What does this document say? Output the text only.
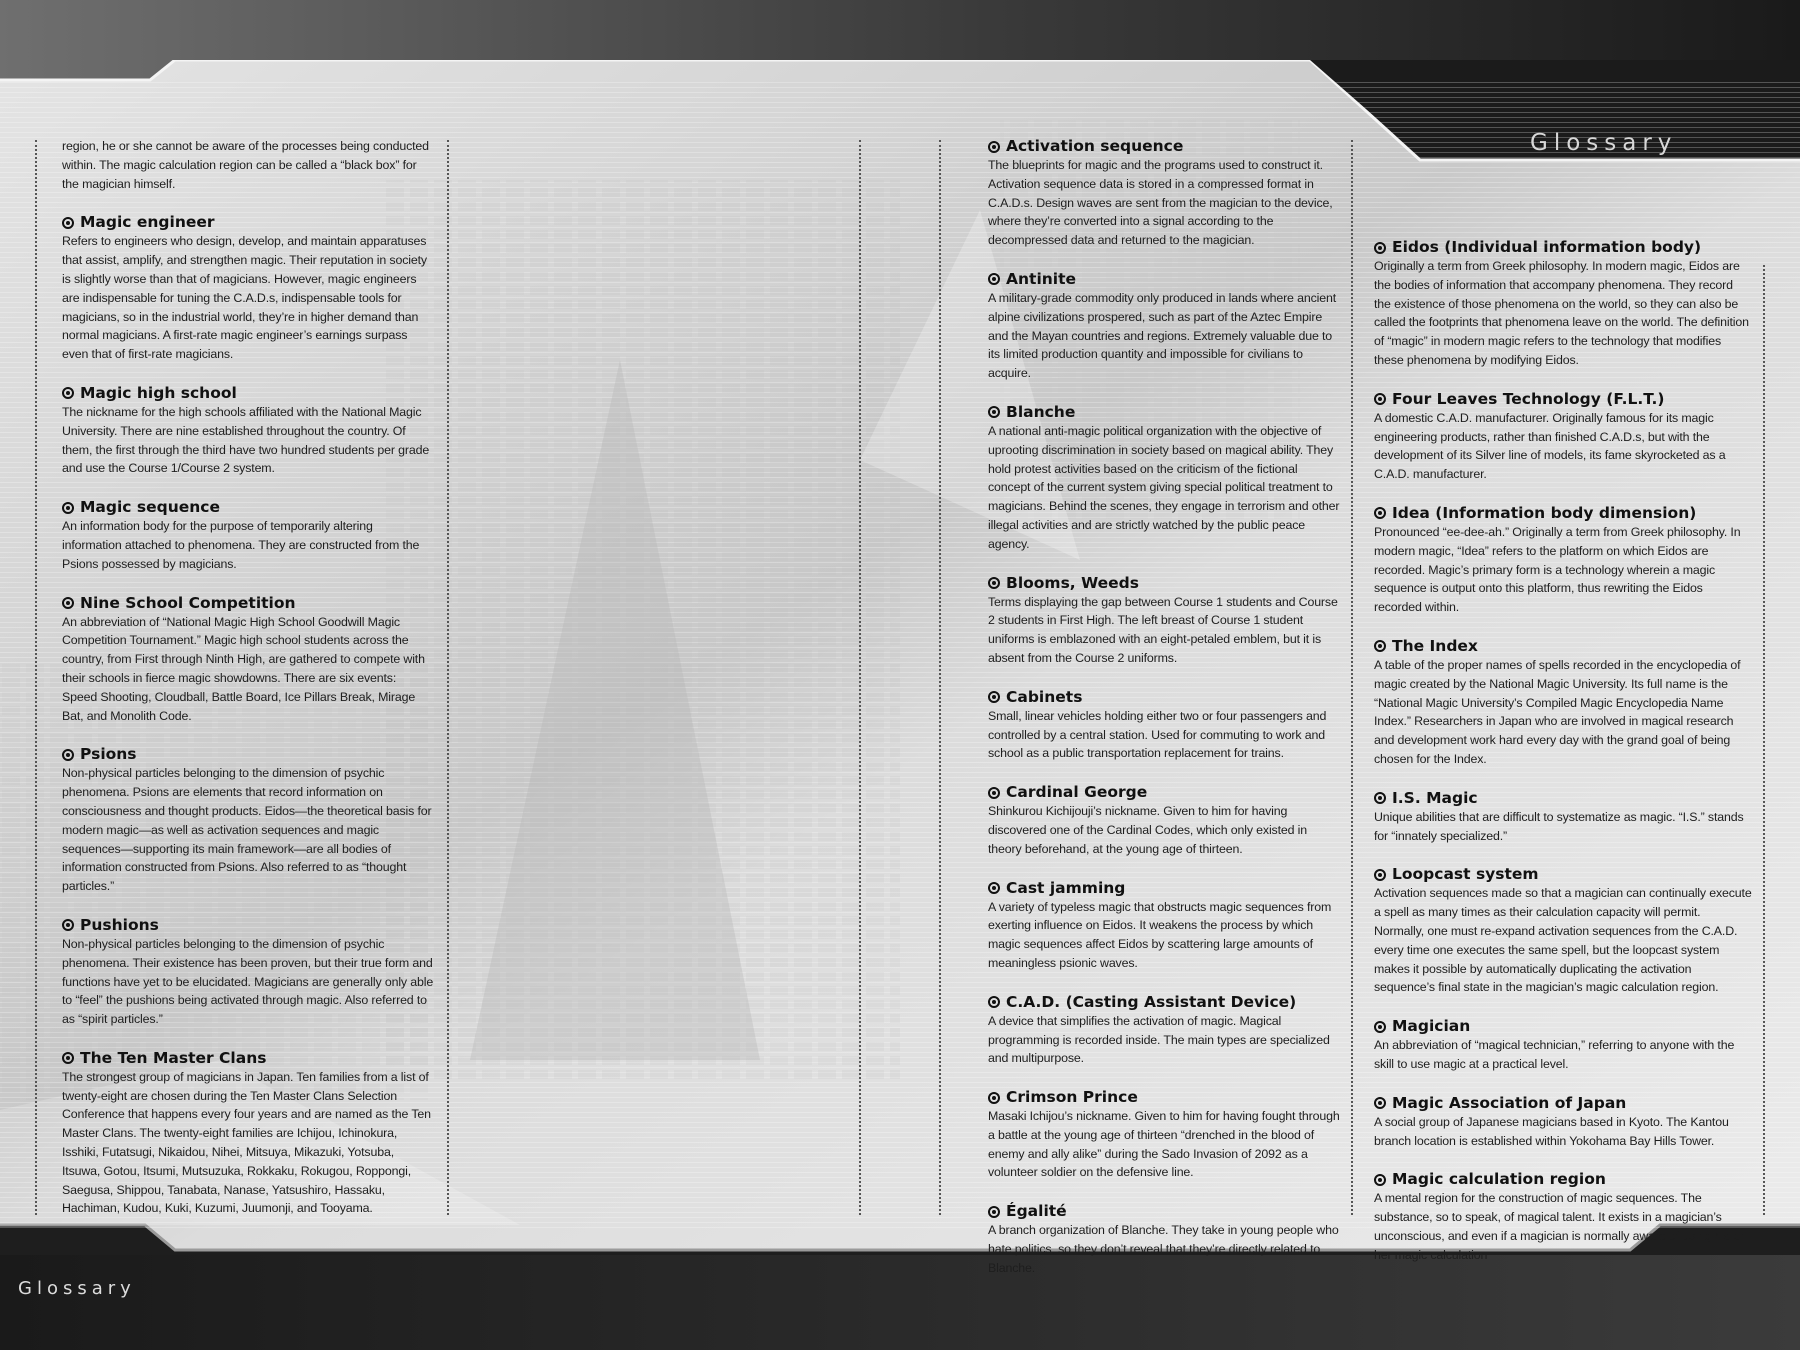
Glossary
Glossary
region, he or she cannot be aware of the processes being conducted within. The magic calculation region can be called a “black box” for the magician himself.
Magic engineer
Refers to engineers who design, develop, and maintain apparatuses that assist, amplify, and strengthen magic. Their reputation in society is slightly worse than that of magicians. However, magic engineers are indispensable for tuning the C.A.D.s, indispensable tools for magicians, so in the industrial world, they’re in higher demand than normal magicians. A first-rate magic engineer’s earnings surpass even that of first-rate magicians.
Magic high school
The nickname for the high schools affiliated with the National Magic University. There are nine established throughout the country. Of them, the first through the third have two hundred students per grade and use the Course 1/Course 2 system.
Magic sequence
An information body for the purpose of temporarily altering information attached to phenomena. They are constructed from the Psions possessed by magicians.
Nine School Competition
An abbreviation of “National Magic High School Goodwill Magic Competition Tournament.” Magic high school students across the country, from First through Ninth High, are gathered to compete with their schools in fierce magic showdowns. There are six events: Speed Shooting, Cloudball, Battle Board, Ice Pillars Break, Mirage Bat, and Monolith Code.
Psions
Non-physical particles belonging to the dimension of psychic phenomena. Psions are elements that record information on consciousness and thought products. Eidos—the theoretical basis for modern magic—as well as activation sequences and magic sequences—supporting its main framework—are all bodies of information constructed from Psions. Also referred to as “thought particles.”
Pushions
Non-physical particles belonging to the dimension of psychic phenomena. Their existence has been proven, but their true form and functions have yet to be elucidated. Magicians are generally only able to “feel” the pushions being activated through magic. Also referred to as “spirit particles.”
The Ten Master Clans
The strongest group of magicians in Japan. Ten families from a list of twenty-eight are chosen during the Ten Master Clans Selection Conference that happens every four years and are named as the Ten Master Clans. The twenty-eight families are Ichijou, Ichinokura, Isshiki, Futatsugi, Nikaidou, Nihei, Mitsuya, Mikazuki, Yotsuba, Itsuwa, Gotou, Itsumi, Mutsuzuka, Rokkaku, Rokugou, Roppongi, Saegusa, Shippou, Tanabata, Nanase, Yatsushiro, Hassaku, Hachiman, Kudou, Kuki, Kuzumi, Juumonji, and Tooyama.
Activation sequence
The blueprints for magic and the programs used to construct it. Activation sequence data is stored in a compressed format in C.A.D.s. Design waves are sent from the magician to the device, where they’re converted into a signal according to the decompressed data and returned to the magician.
Antinite
A military-grade commodity only produced in lands where ancient alpine civilizations prospered, such as part of the Aztec Empire and the Mayan countries and regions. Extremely valuable due to its limited production quantity and impossible for civilians to acquire.
Blanche
A national anti-magic political organization with the objective of uprooting discrimination in society based on magical ability. They hold protest activities based on the criticism of the fictional concept of the current system giving special political treatment to magicians. Behind the scenes, they engage in terrorism and other illegal activities and are strictly watched by the public peace agency.
Blooms, Weeds
Terms displaying the gap between Course 1 students and Course 2 students in First High. The left breast of Course 1 student uniforms is emblazoned with an eight-petaled emblem, but it is absent from the Course 2 uniforms.
Cabinets
Small, linear vehicles holding either two or four passengers and controlled by a central station. Used for commuting to work and school as a public transportation replacement for trains.
Cardinal George
Shinkurou Kichijouji’s nickname. Given to him for having discovered one of the Cardinal Codes, which only existed in theory beforehand, at the young age of thirteen.
Cast jamming
A variety of typeless magic that obstructs magic sequences from exerting influence on Eidos. It weakens the process by which magic sequences affect Eidos by scattering large amounts of meaningless psionic waves.
C.A.D. (Casting Assistant Device)
A device that simplifies the activation of magic. Magical programming is recorded inside. The main types are specialized and multipurpose.
Crimson Prince
Masaki Ichijou’s nickname. Given to him for having fought through a battle at the young age of thirteen “drenched in the blood of enemy and ally alike” during the Sado Invasion of 2092 as a volunteer soldier on the defensive line.
Égalité
A branch organization of Blanche. They take in young people who hate politics, so they don’t reveal that they’re directly related to Blanche.
Eidos (Individual information body)
Originally a term from Greek philosophy. In modern magic, Eidos are the bodies of information that accompany phenomena. They record the existence of those phenomena on the world, so they can also be called the footprints that phenomena leave on the world. The definition of “magic” in modern magic refers to the technology that modifies these phenomena by modifying Eidos.
Four Leaves Technology (F.L.T.)
A domestic C.A.D. manufacturer. Originally famous for its magic engineering products, rather than finished C.A.D.s, but with the development of its Silver line of models, its fame skyrocketed as a C.A.D. manufacturer.
Idea (Information body dimension)
Pronounced “ee-dee-ah.” Originally a term from Greek philosophy. In modern magic, “Idea” refers to the platform on which Eidos are recorded. Magic’s primary form is a technology wherein a magic sequence is output onto this platform, thus rewriting the Eidos recorded within.
The Index
A table of the proper names of spells recorded in the encyclopedia of magic created by the National Magic University. Its full name is the “National Magic University’s Compiled Magic Encyclopedia Name Index.” Researchers in Japan who are involved in magical research and development work hard every day with the grand goal of being chosen for the Index.
I.S. Magic
Unique abilities that are difficult to systematize as magic. “I.S.” stands for “innately specialized.”
Loopcast system
Activation sequences made so that a magician can continually execute a spell as many times as their calculation capacity will permit. Normally, one must re-expand activation sequences from the C.A.D. every time one executes the same spell, but the loopcast system makes it possible by automatically duplicating the activation sequence’s final state in the magician’s magic calculation region.
Magician
An abbreviation of “magical technician,” referring to anyone with the skill to use magic at a practical level.
Magic Association of Japan
A social group of Japanese magicians based in Kyoto. The Kantou branch location is established within Yokohama Bay Hills Tower.
Magic calculation region
A mental region for the construction of magic sequences. The substance, so to speak, of magical talent. It exists in a magician’s unconscious, and even if a magician is normally aware of using his or her magic calculation
